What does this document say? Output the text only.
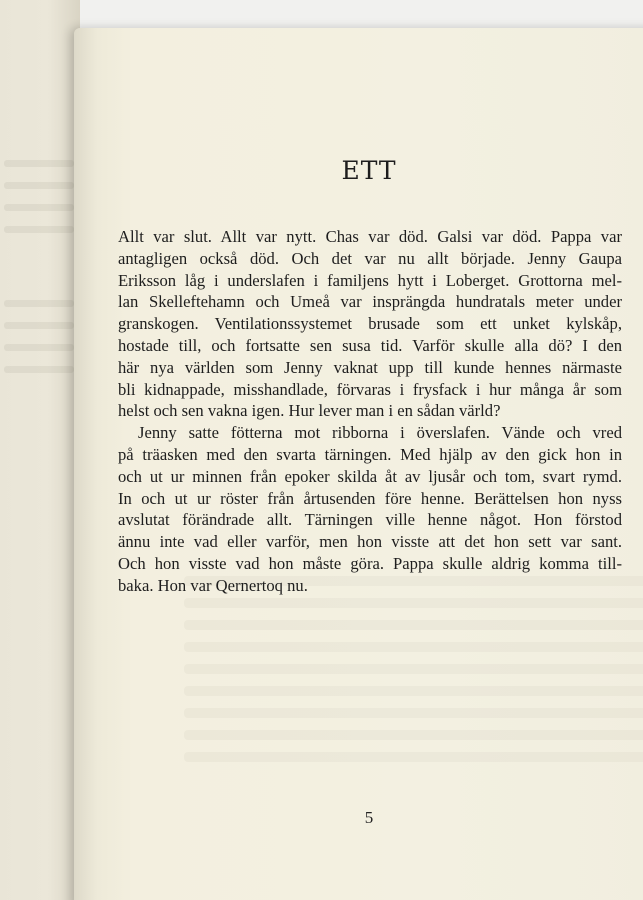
ETT
Allt var slut. Allt var nytt. Chas var död. Galsi var död. Pappa var
antagligen också död. Och det var nu allt började. Jenny Gaupa
Eriksson låg i underslafen i familjens hytt i Loberget. Grottorna mel-
lan Skelleftehamn och Umeå var insprängda hundratals meter under
granskogen. Ventilationssystemet brusade som ett unket kylskåp,
hostade till, och fortsatte sen susa tid. Varför skulle alla dö? I den
här nya världen som Jenny vaknat upp till kunde hennes närmaste
bli kidnappade, misshandlade, förvaras i frysfack i hur många år som
helst och sen vakna igen. Hur lever man i en sådan värld?
Jenny satte fötterna mot ribborna i överslafen. Vände och vred
på träasken med den svarta tärningen. Med hjälp av den gick hon in
och ut ur minnen från epoker skilda åt av ljusår och tom, svart rymd.
In och ut ur röster från årtusenden före henne. Berättelsen hon nyss
avslutat förändrade allt. Tärningen ville henne något. Hon förstod
ännu inte vad eller varför, men hon visste att det hon sett var sant.
Och hon visste vad hon måste göra. Pappa skulle aldrig komma till-
baka. Hon var Qernertoq nu.
5
